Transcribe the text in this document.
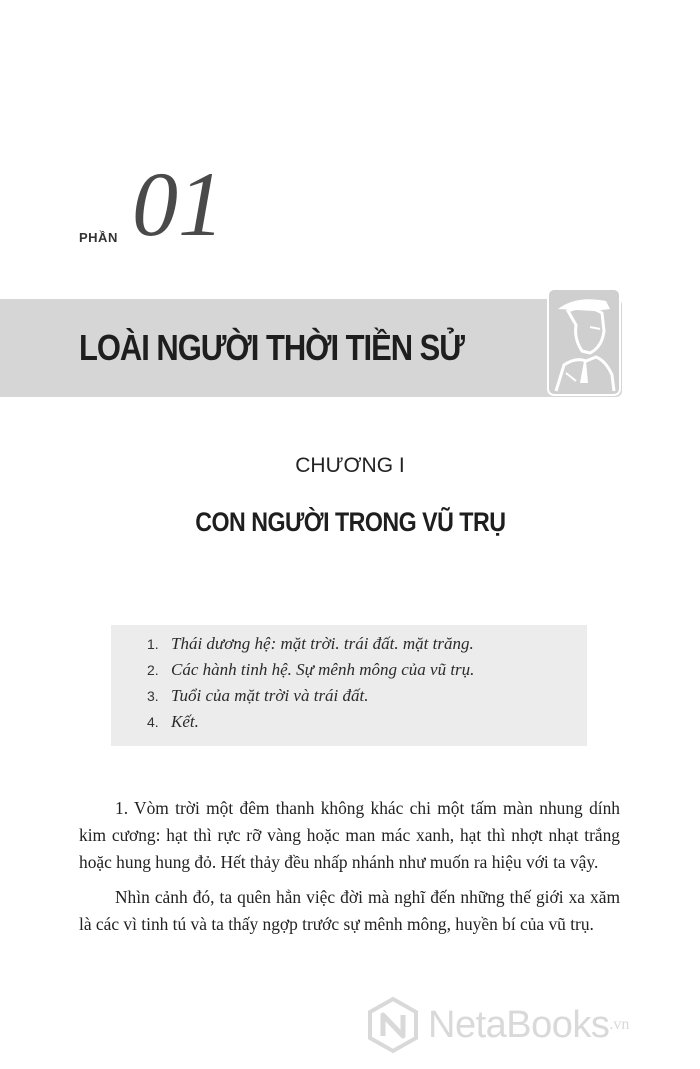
PHẦN 01
LOÀI NGƯỜI THỜI TIỀN SỬ
CHƯƠNG I
CON NGƯỜI TRONG VŨ TRỤ
1. Thái dương hệ: mặt trời. trái đất. mặt trăng.
2. Các hành tinh hệ. Sự mênh mông của vũ trụ.
3. Tuổi của mặt trời và trái đất.
4. Kết.

1. Vòm trời một đêm thanh không khác chi một tấm màn nhung dính kim cương: hạt thì rực rỡ vàng hoặc man mác xanh, hạt thì nhợt nhạt trắng hoặc hung hung đỏ. Hết thảy đều nhấp nhánh như muốn ra hiệu với ta vậy.

Nhìn cảnh đó, ta quên hẳn việc đời mà nghĩ đến những thế giới xa xăm là các vì tinh tú và ta thấy ngợp trước sự mênh mông, huyền bí của vũ trụ.

NetaBooks .vn
